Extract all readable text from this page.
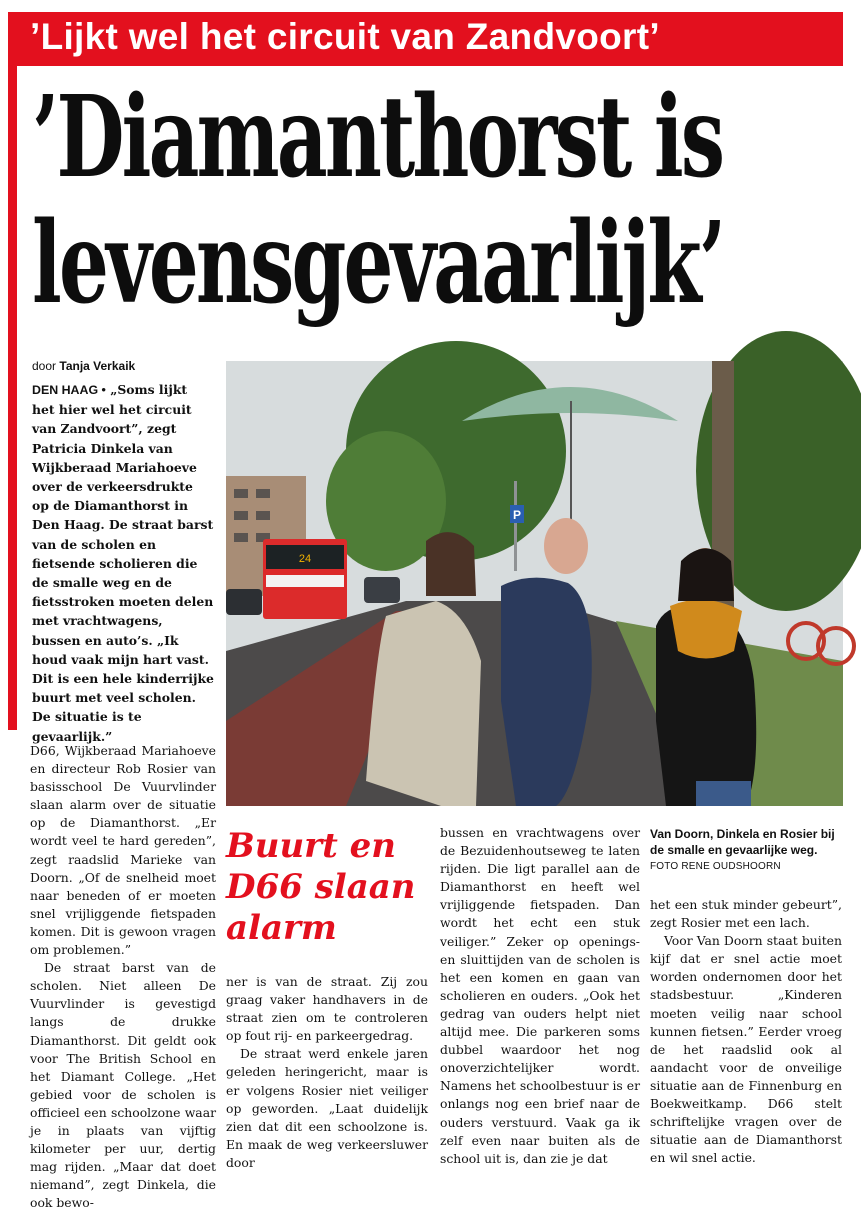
’Lijkt wel het circuit van Zandvoort’
’Diamanthorst is
levensgevaarlijk’
door Tanja Verkaik
DEN HAAG • „Soms lijkt het hier wel het circuit van Zandvoort”, zegt Patricia Dinkela van Wijkberaad Mariahoeve over de verkeersdrukte op de Diamanthorst in Den Haag. De straat barst van de scholen en fietsende scholieren die de smalle weg en de fietsstroken moeten delen met vrachtwagens, bussen en auto’s. „Ik houd vaak mijn hart vast. Dit is een hele kinderrijke buurt met veel scholen. De situatie is te gevaarlijk.”
24
P

D66, Wijkberaad Mariahoeve en directeur Rob Rosier van basisschool De Vuurvlinder slaan alarm over de situatie op de Diamanthorst. „Er wordt veel te hard gereden”, zegt raadslid Marieke van Doorn. „Of de snelheid moet naar beneden of er moeten snel vrijliggende fietspaden komen. Dit is gewoon vragen om problemen.”

De straat barst van de scholen. Niet alleen De Vuurvlinder is gevestigd langs de drukke Diamanthorst. Dit geldt ook voor The British School en het Diamant College. „Het gebied voor de scholen is officieel een schoolzone waar je in plaats van vijftig kilometer per uur, dertig mag rijden. „Maar dat doet niemand”, zegt Dinkela, die ook bewo-

Buurt en D66 slaan alarm

ner is van de straat. Zij zou graag vaker handhavers in de straat zien om te controleren op fout rij- en parkeergedrag.

De straat werd enkele jaren geleden heringericht, maar is er volgens Rosier niet veiliger op geworden. „Laat duidelijk zien dat dit een schoolzone is. En maak de weg verkeersluwer door

bussen en vrachtwagens over de Bezuidenhoutseweg te laten rijden. Die ligt parallel aan de Diamanthorst en heeft wel vrijliggende fietspaden. Dan wordt het echt een stuk veiliger.” Zeker op openings- en sluittijden van de scholen is het een komen en gaan van scholieren en ouders. „Ook het gedrag van ouders helpt niet altijd mee. Die parkeren soms dubbel waardoor het nog onoverzichtelijker wordt. Namens het schoolbestuur is er onlangs nog een brief naar de ouders verstuurd. Vaak ga ik zelf even naar buiten als de school uit is, dan zie je dat

Van Doorn, Dinkela en Rosier bij de smalle en gevaarlijke weg.
FOTO RENE OUDSHOORN

het een stuk minder gebeurt”, zegt Rosier met een lach.

Voor Van Doorn staat buiten kijf dat er snel actie moet worden ondernomen door het stadsbestuur. „Kinderen moeten veilig naar school kunnen fietsen.” Eerder vroeg de het raadslid ook al aandacht voor de onveilige situatie aan de Finnenburg en Boekweitkamp. D66 stelt schriftelijke vragen over de situatie aan de Diamanthorst en wil snel actie.
